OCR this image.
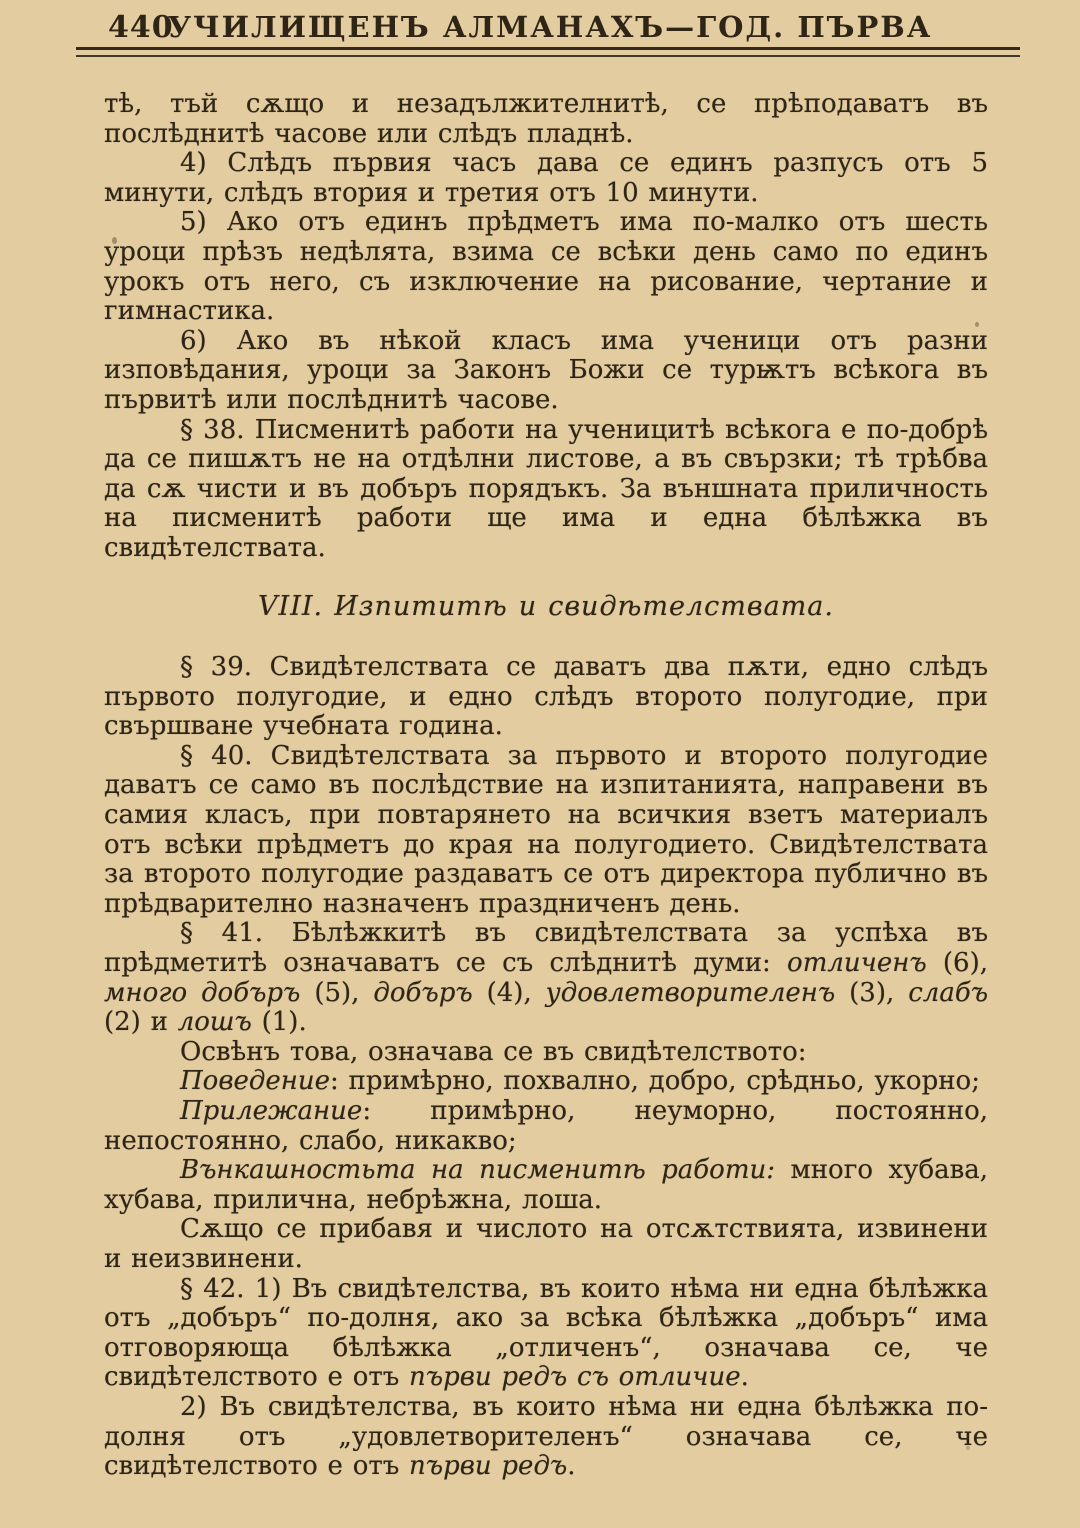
440
УЧИЛИЩЕНЪ АЛМАНАХЪ—ГОД. ПЪРВА

тѣ, тъй сѫщо и незадължителнитѣ, се прѣподаватъ въ послѣднитѣ часове или слѣдъ пладнѣ.

4) Слѣдъ първия часъ дава се единъ разпусъ отъ 5 минути, слѣдъ втория и третия отъ 10 минути.

5) Ако отъ единъ прѣдметъ има по-малко отъ шесть уроци прѣзъ недѣлята, взима се всѣки день само по единъ урокъ отъ него, съ изключение на рисование, чертание и гимнастика.

6) Ако въ нѣкой класъ има ученици отъ разни изповѣдания, уроци за Законъ Божи се турѭтъ всѣкога въ първитѣ или послѣднитѣ часове.

§ 38. Писменитѣ работи на ученицитѣ всѣкога е по-добрѣ да се пишѫтъ не на отдѣлни листове, а въ свързки; тѣ трѣбва да сѫ чисти и въ добъръ порядъкъ. За външната приличность на писменитѣ работи ще има и една бѣлѣжка въ свидѣтелствата.

VIII. Изпититѣ и свидѣтелствата.

§ 39. Свидѣтелствата се даватъ два пѫти, едно слѣдъ първото полугодие, и едно слѣдъ второто полугодие, при свършване учебната година.

§ 40. Свидѣтелствата за първото и второто полугодие даватъ се само въ послѣдствие на изпитанията, направени въ самия класъ, при повтарянето на всичкия взетъ материалъ отъ всѣки прѣдметъ до края на полугодието. Свидѣтелствата за второто полугодие раздаватъ се отъ директора публично въ прѣдварително назначенъ праздниченъ день.

§ 41. Бѣлѣжкитѣ въ свидѣтелствата за успѣха въ прѣдметитѣ означаватъ се съ слѣднитѣ думи: отличенъ (6), много добъръ (5), добъръ (4), удовлетворителенъ (3), слабъ (2) и лошъ (1).

Освѣнъ това, означава се въ свидѣтелството:

Поведение: примѣрно, похвално, добро, срѣдньо, укорно;

Прилежание: примѣрно, неуморно, постоянно, непостоянно, слабо, никакво;

Вънкашностьта на писменитѣ работи: много хубава, хубава, прилична, небрѣжна, лоша.

Сѫщо се прибавя и числото на отсѫтствията, извинени и неизвинени.

§ 42. 1) Въ свидѣтелства, въ които нѣма ни една бѣлѣжка отъ „добъръ“ по-долня, ако за всѣка бѣлѣжка „добъръ“ има отговоряюща бѣлѣжка „отличенъ“, означава се, че свидѣтелството е отъ първи редъ съ отличие.

2) Въ свидѣтелства, въ които нѣма ни една бѣлѣжка по-долня отъ „удовлетворителенъ“ означава се, че свидѣтелството е отъ първи редъ.
